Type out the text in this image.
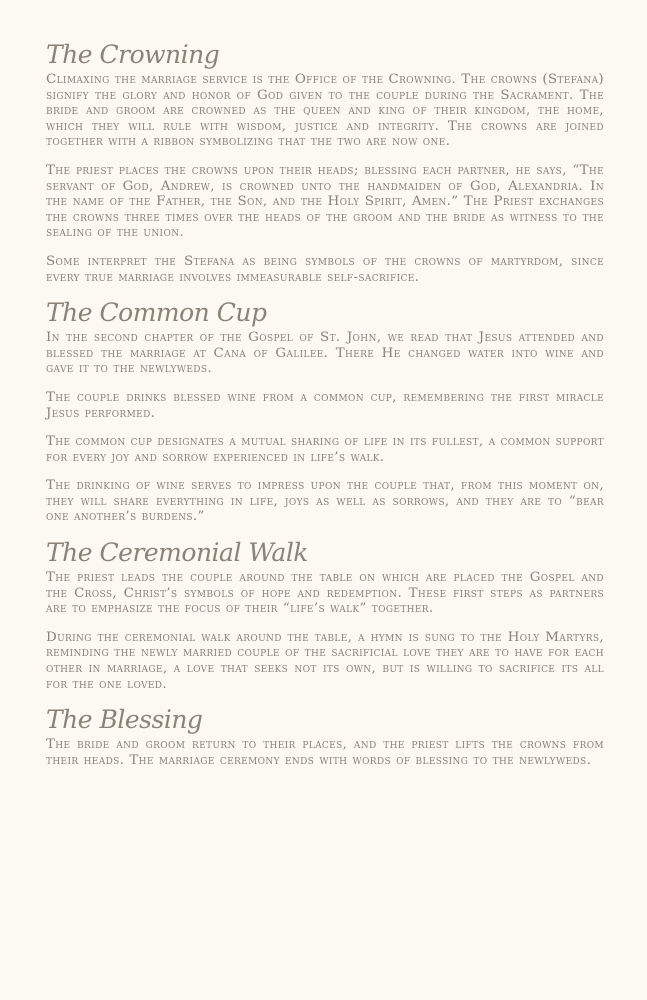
The Crowning

Climaxing the marriage service is the Office of the Crowning. The crowns (Stefana) signify the glory and honor of God given to the couple during the Sacrament. The bride and groom are crowned as the queen and king of their kingdom, the home, which they will rule with wisdom, justice and integrity. The crowns are joined together with a ribbon symbolizing that the two are now one.

The priest places the crowns upon their heads; blessing each partner, he says, “The servant of God, Andrew, is crowned unto the handmaiden of God, Alexandria. In the name of the Father, the Son, and the Holy Spirit, Amen.” The Priest exchanges the crowns three times over the heads of the groom and the bride as witness to the sealing of the union.

Some interpret the Stefana as being symbols of the crowns of martyrdom, since every true marriage involves immeasurable self-sacrifice.

The Common Cup

In the second chapter of the Gospel of St. John, we read that Jesus attended and blessed the marriage at Cana of Galilee. There He changed water into wine and gave it to the newlyweds.

The couple drinks blessed wine from a common cup, remembering the first miracle Jesus performed.

The common cup designates a mutual sharing of life in its fullest, a common support for every joy and sorrow experienced in life’s walk.

The drinking of wine serves to impress upon the couple that, from this moment on, they will share everything in life, joys as well as sorrows, and they are to “bear one another’s burdens.”

The Ceremonial Walk

The priest leads the couple around the table on which are placed the Gospel and the Cross, Christ’s symbols of hope and redemption. These first steps as partners are to emphasize the focus of their “life’s walk” together.

During the ceremonial walk around the table, a hymn is sung to the Holy Martyrs, reminding the newly married couple of the sacrificial love they are to have for each other in marriage, a love that seeks not its own, but is willing to sacrifice its all for the one loved.

The Blessing

The bride and groom return to their places, and the priest lifts the crowns from their heads. The marriage ceremony ends with words of blessing to the newlyweds.
